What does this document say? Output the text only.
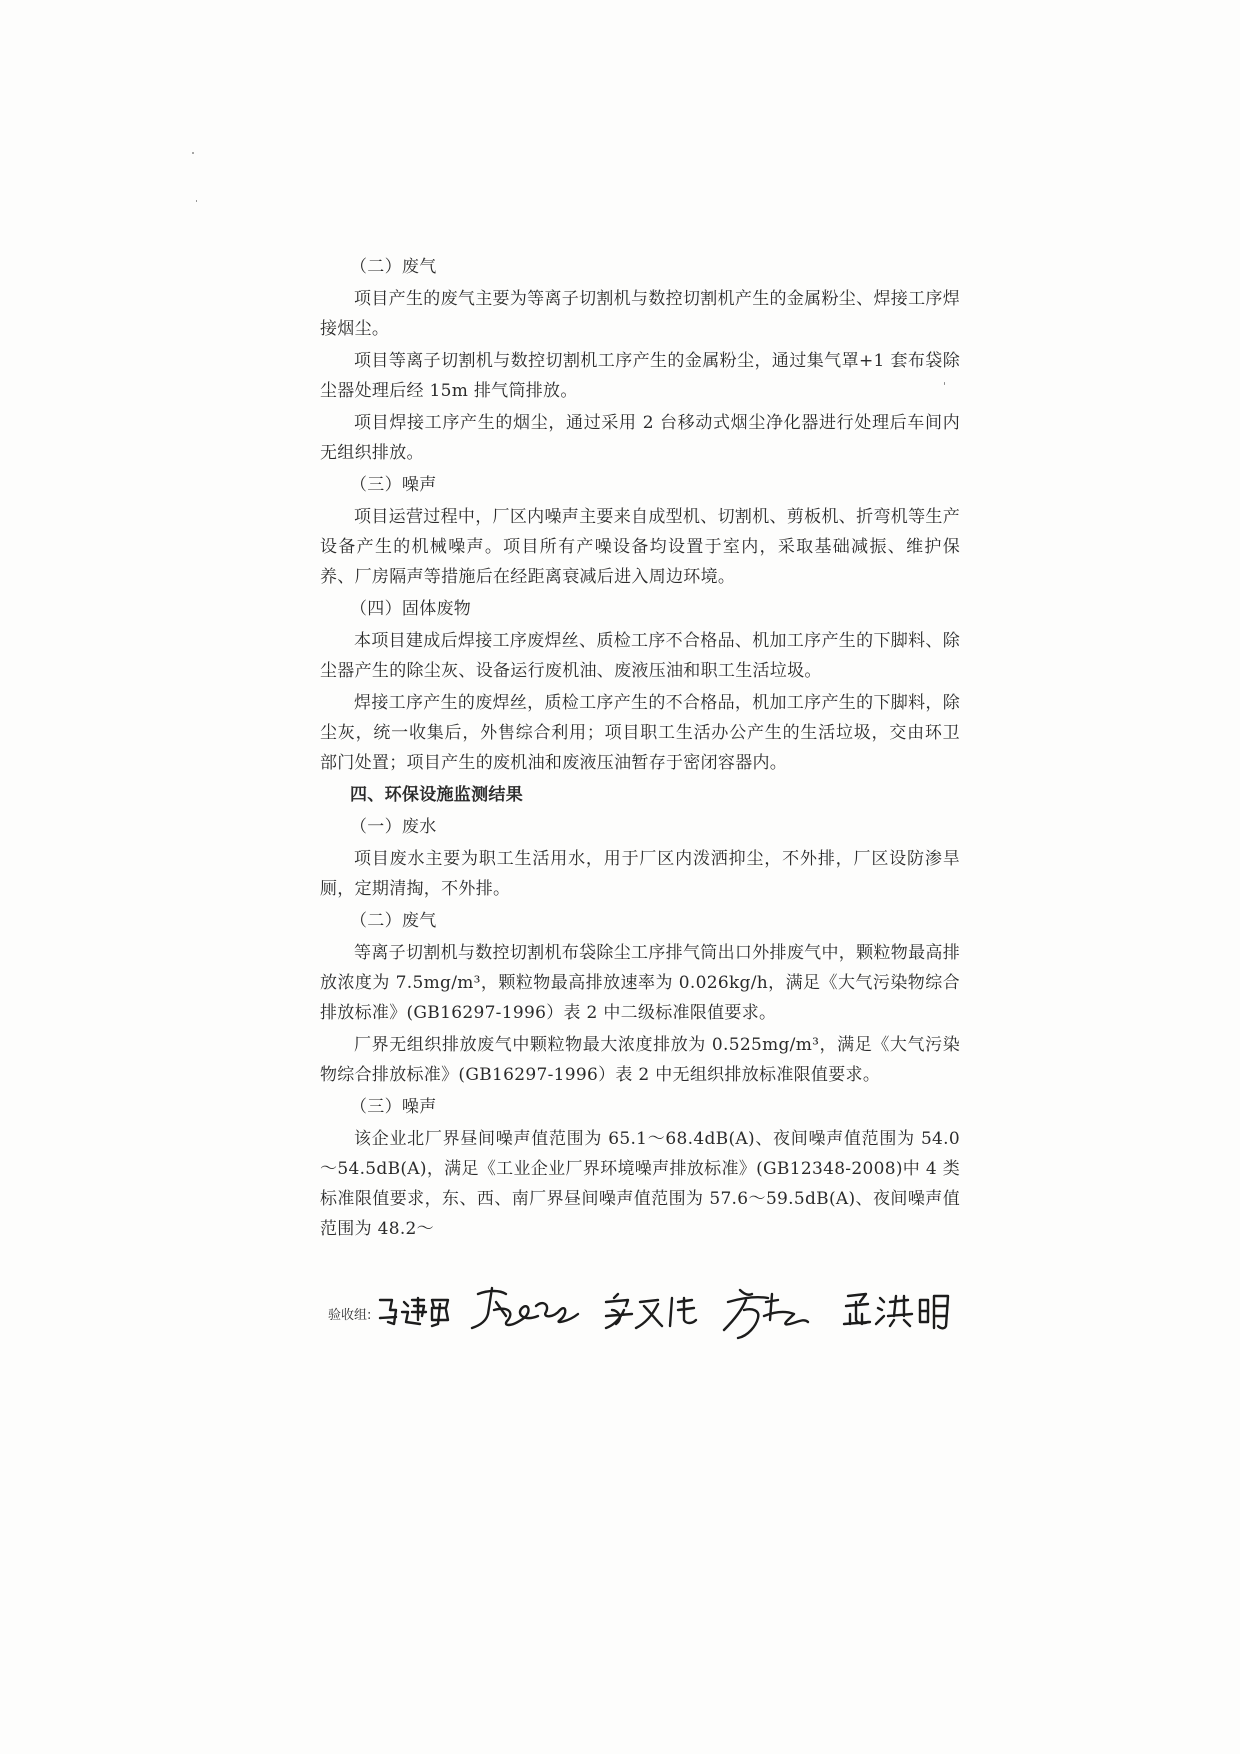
（二）废气

项目产生的废气主要为等离子切割机与数控切割机产生的金属粉尘、焊接工序焊接烟尘。

项目等离子切割机与数控切割机工序产生的金属粉尘，通过集气罩+1 套布袋除尘器处理后经 15m 排气筒排放。

项目焊接工序产生的烟尘，通过采用 2 台移动式烟尘净化器进行处理后车间内无组织排放。

（三）噪声

项目运营过程中，厂区内噪声主要来自成型机、切割机、剪板机、折弯机等生产设备产生的机械噪声。项目所有产噪设备均设置于室内，采取基础减振、维护保养、厂房隔声等措施后在经距离衰减后进入周边环境。

（四）固体废物

本项目建成后焊接工序废焊丝、质检工序不合格品、机加工序产生的下脚料、除尘器产生的除尘灰、设备运行废机油、废液压油和职工生活垃圾。

焊接工序产生的废焊丝，质检工序产生的不合格品，机加工序产生的下脚料，除尘灰，统一收集后，外售综合利用；项目职工生活办公产生的生活垃圾，交由环卫部门处置；项目产生的废机油和废液压油暂存于密闭容器内。

四、环保设施监测结果

（一）废水

项目废水主要为职工生活用水，用于厂区内泼洒抑尘，不外排，厂区设防渗旱厕，定期清掏，不外排。

（二）废气

等离子切割机与数控切割机布袋除尘工序排气筒出口外排废气中，颗粒物最高排放浓度为 7.5mg/m³，颗粒物最高排放速率为 0.026kg/h，满足《大气污染物综合排放标准》(GB16297-1996）表 2 中二级标准限值要求。

厂界无组织排放废气中颗粒物最大浓度排放为 0.525mg/m³，满足《大气污染物综合排放标准》(GB16297-1996）表 2 中无组织排放标准限值要求。

（三）噪声

该企业北厂界昼间噪声值范围为 65.1～68.4dB(A)、夜间噪声值范围为 54.0～54.5dB(A)，满足《工业企业厂界环境噪声排放标准》(GB12348-2008)中 4 类标准限值要求，东、西、南厂界昼间噪声值范围为 57.6～59.5dB(A)、夜间噪声值范围为 48.2～

验收组:
